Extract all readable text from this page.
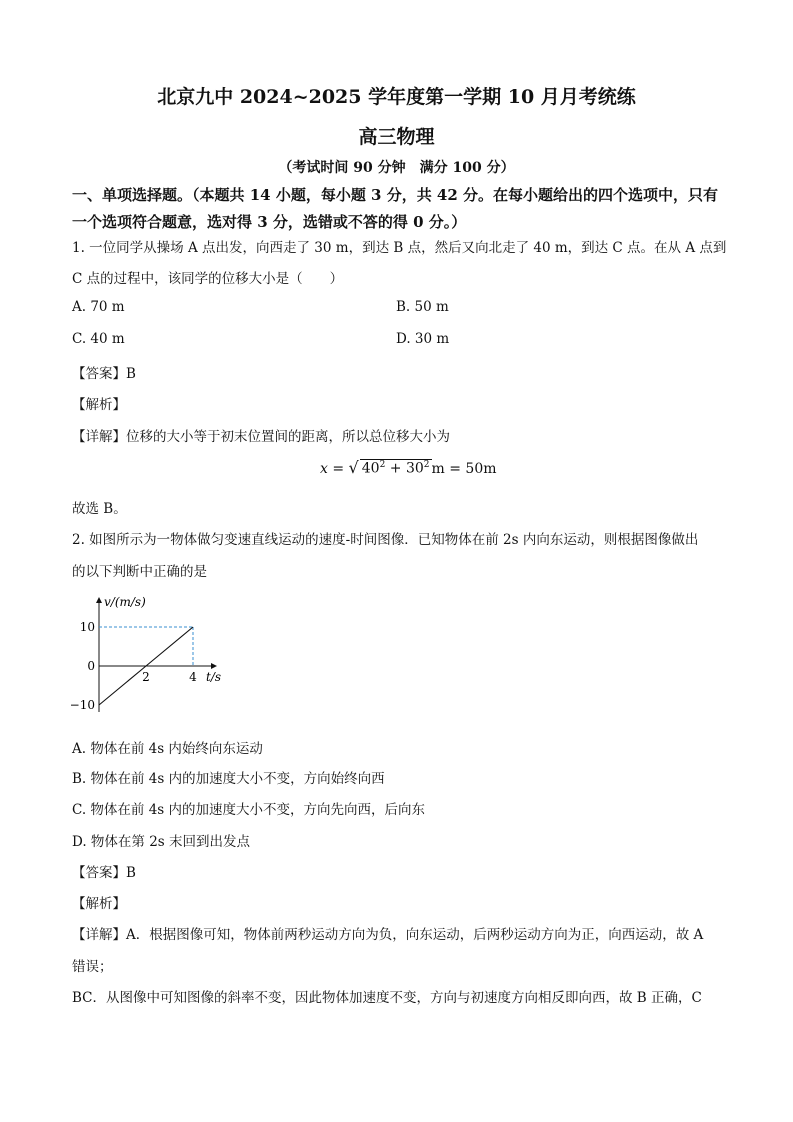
北京九中 2024~2025 学年度第一学期 10 月月考统练
高三物理
（考试时间 90 分钟　满分 100 分）
一、单项选择题。（本题共 14 小题，每小题 3 分，共 42 分。在每小题给出的四个选项中，只有一个选项符合题意，选对得 3 分，选错或不答的得 0 分。）
1. 一位同学从操场 A 点出发，向西走了 30 m，到达 B 点，然后又向北走了 40 m，到达 C 点。在从 A 点到
C 点的过程中，该同学的位移大小是（　　）
A. 70 m	B. 50 m
C. 40 m	D. 30 m
【答案】B
【解析】
【详解】位移的大小等于初末位置间的距离，所以总位移大小为
x = √ $40^2 + 30^2$ m = 50m
故选 B。
2. 如图所示为一物体做匀变速直线运动的速度-时间图像．已知物体在前 2s 内向东运动，则根据图像做出
的以下判断中正确的是
v/(m/s)
t/s
10
0
−10
2	4
A. 物体在前 4s 内始终向东运动
B. 物体在前 4s 内的加速度大小不变，方向始终向西
C. 物体在前 4s 内的加速度大小不变，方向先向西，后向东
D. 物体在第 2s 末回到出发点
【答案】B
【解析】
【详解】A．根据图像可知，物体前两秒运动方向为负，向东运动，后两秒运动方向为正，向西运动，故 A
错误；
BC．从图像中可知图像的斜率不变，因此物体加速度不变，方向与初速度方向相反即向西，故 B 正确，C
